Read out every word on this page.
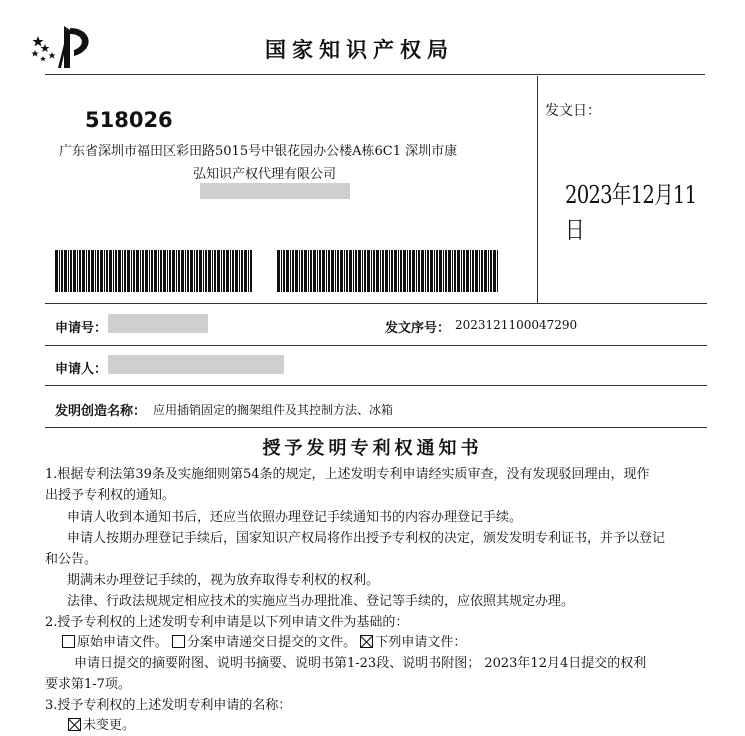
国家知识产权局
518026
广东省深圳市福田区彩田路5015号中银花园办公楼A栋6C1 深圳市康
弘知识产权代理有限公司
发文日：
2023年12月11日
申请号：	发文序号： 2023121100047290
申请人：
发明创造名称： 应用插销固定的搁架组件及其控制方法、冰箱
授予发明专利权通知书
1.根据专利法第39条及实施细则第54条的规定，上述发明专利申请经实质审查，没有发现驳回理由，现作
出授予专利权的通知。
申请人收到本通知书后，还应当依照办理登记手续通知书的内容办理登记手续。
申请人按期办理登记手续后，国家知识产权局将作出授予专利权的决定，颁发发明专利证书，并予以登记
和公告。
期满未办理登记手续的，视为放弃取得专利权的权利。
法律、行政法规规定相应技术的实施应当办理批准、登记等手续的，应依照其规定办理。
2.授予专利权的上述发明专利申请是以下列申请文件为基础的：
原始申请文件。 分案申请递交日提交的文件。 下列申请文件：
申请日提交的摘要附图、说明书摘要、说明书第1-23段、说明书附图； 2023年12月4日提交的权利
要求第1-7项。
3.授予专利权的上述发明专利申请的名称：
未变更。
